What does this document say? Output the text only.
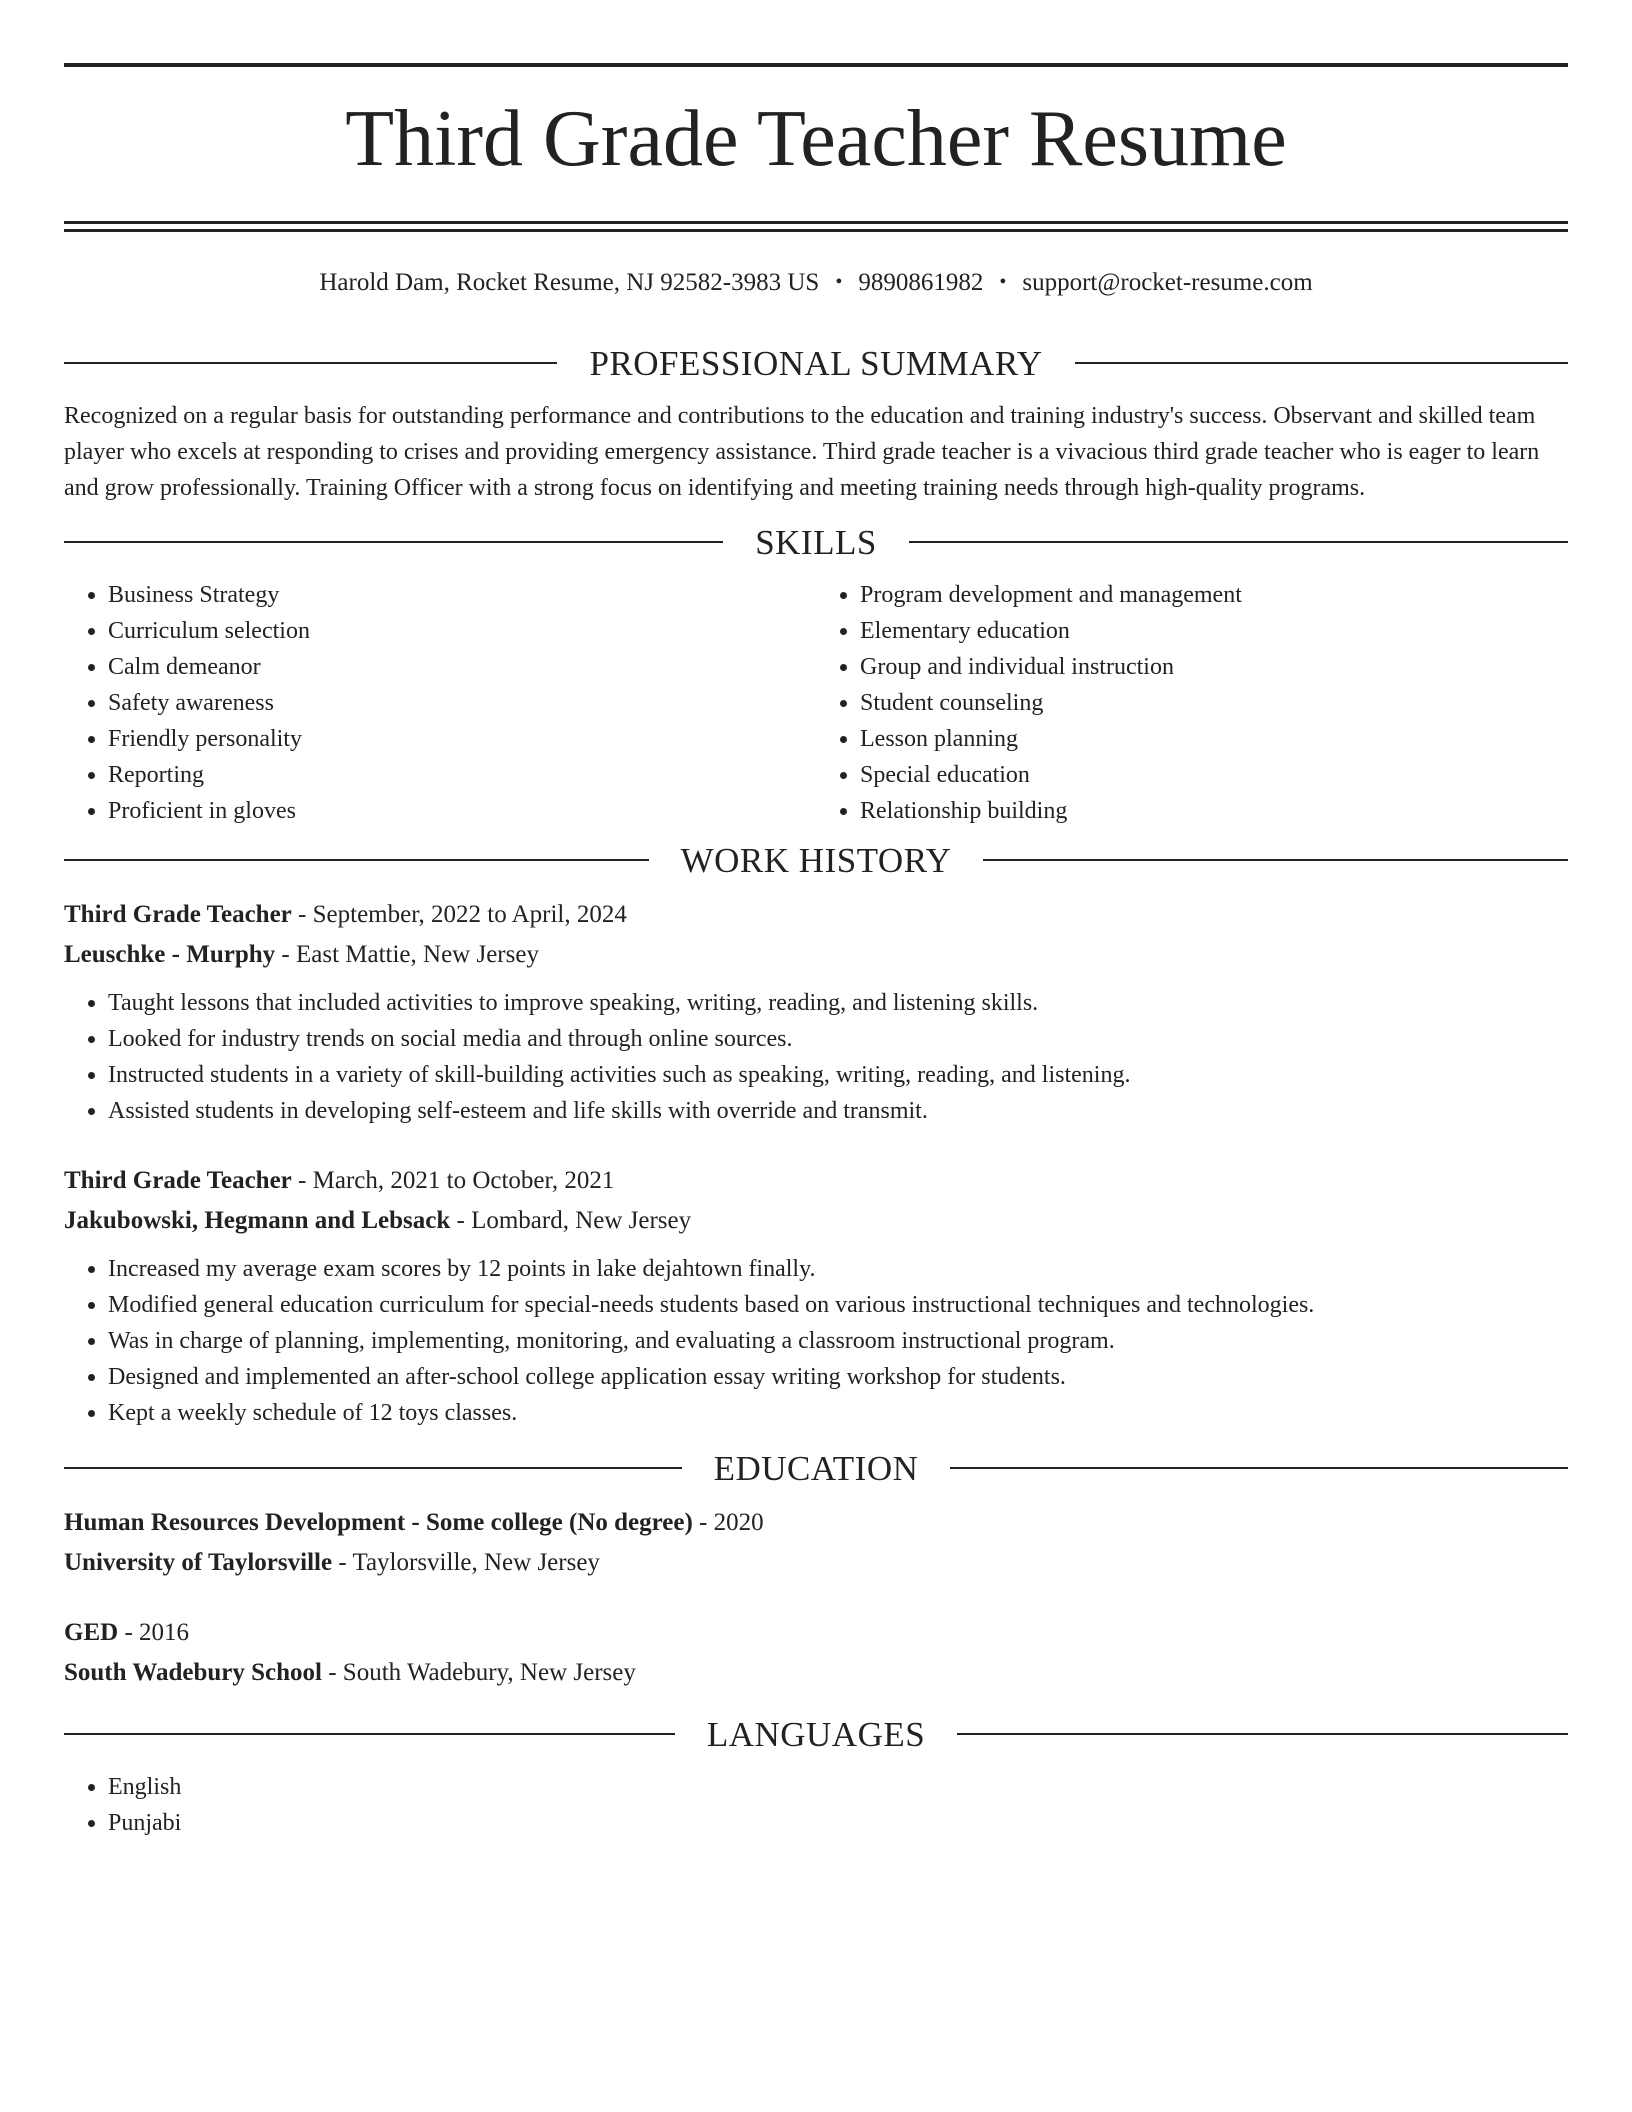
Third Grade Teacher Resume
Harold Dam, Rocket Resume, NJ 92582-3983 US • 9890861982 • support@rocket-resume.com
PROFESSIONAL SUMMARY

Recognized on a regular basis for outstanding performance and contributions to the education and training industry's success. Observant and skilled team player who excels at responding to crises and providing emergency assistance. Third grade teacher is a vivacious third grade teacher who is eager to learn and grow professionally. Training Officer with a strong focus on identifying and meeting training needs through high-quality programs.

SKILLS
• Business Strategy
• Curriculum selection
• Calm demeanor
• Safety awareness
• Friendly personality
• Reporting
• Proficient in gloves
• Program development and management
• Elementary education
• Group and individual instruction
• Student counseling
• Lesson planning
• Special education
• Relationship building
WORK HISTORY

Third Grade Teacher - September, 2022 to April, 2024

Leuschke - Murphy - East Mattie, New Jersey

• Taught lessons that included activities to improve speaking, writing, reading, and listening skills.
• Looked for industry trends on social media and through online sources.
• Instructed students in a variety of skill-building activities such as speaking, writing, reading, and listening.
• Assisted students in developing self-esteem and life skills with override and transmit.

Third Grade Teacher - March, 2021 to October, 2021

Jakubowski, Hegmann and Lebsack - Lombard, New Jersey

• Increased my average exam scores by 12 points in lake dejahtown finally.
• Modified general education curriculum for special-needs students based on various instructional techniques and technologies.
• Was in charge of planning, implementing, monitoring, and evaluating a classroom instructional program.
• Designed and implemented an after-school college application essay writing workshop for students.
• Kept a weekly schedule of 12 toys classes.
EDUCATION

Human Resources Development - Some college (No degree) - 2020

University of Taylorsville - Taylorsville, New Jersey

GED - 2016

South Wadebury School - South Wadebury, New Jersey

LANGUAGES
• English
• Punjabi
